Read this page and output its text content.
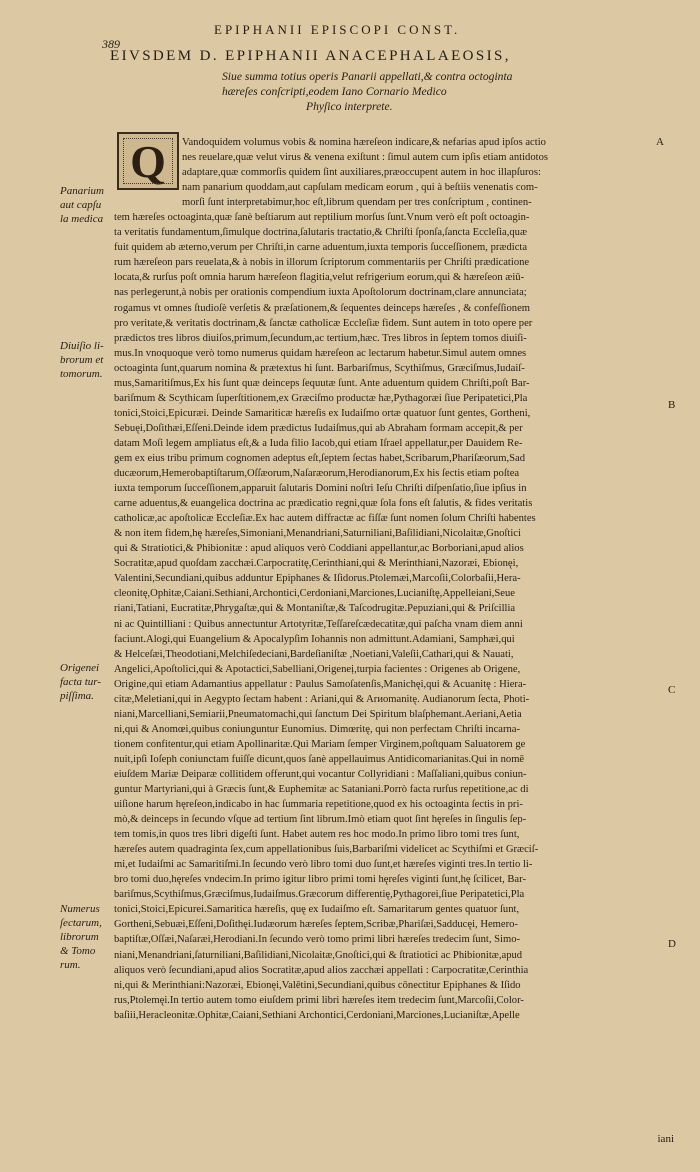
389
EPIPHANII EPISCOPI CONST.
EIVSDEM D. EPIPHANII ANACEPHALAEOSIS,
Siue summa totius operis Panarii appellati,& contra octoginta
hæreſes conſcripti,eodem Iano Cornario Medico
Phyſico interprete.
Vandoquidem volumus vobis & nomina hæreſeon indicare,& nefarias apud ipſos actio
nes reuelare,quæ velut virus & venena exiſtunt : ſimul autem cum ipſis etiam antidotos
adaptare,quæ commorſis quidem ſint auxiliares,præoccupent autem in hoc illapſuros:
nam panarium quoddam,aut capſulam medicam eorum , qui à beſtiis venenatis com-
morſi ſunt interpretabimur,hoc eſt,librum quendam per tres conſcriptum , continen-
tem hæreſes octoaginta,quæ ſanè beſtiarum aut reptilium morſus ſunt.Vnum verò eſt poſt octoagin-
ta veritatis fundamentum,ſimulque doctrina,ſalutaris tractatio,& Chriſti ſponſa,ſancta Eccleſia,quæ
fuit quidem ab æterno,verum per Chriſti,in carne aduentum,iuxta temporis ſucceſſionem, prædicta
rum hæreſeon pars reuelata,& à nobis in illorum ſcriptorum commentariis per Chriſti prædicatione
locata,& rurſus poſt omnia harum hæreſeon flagitia,velut refrigerium eorum,qui & hæreſeon æiū-
nas perlegerunt,à nobis per orationis compendium iuxta Apoſtolorum doctrinam,clare annunciata;
rogamus vt omnes ſtudioſè verſetis & præſationem,& ſequentes deinceps hæreſes , & confeſſionem
pro veritate,& veritatis doctrinam,& ſanctæ catholicæ Eccleſiæ fidem. Sunt autem in toto opere per
prædictos tres libros diuiſos,primum,ſecundum,ac tertium,hæc. Tres libros in ſeptem tomos diuiſi-
mus.In vnoquoque verò tomo numerus quidam hæreſeon ac lectarum habetur.Simul autem omnes
octoaginta ſunt,quarum nomina & prætextus hi ſunt. Barbariſmus, Scythiſmus, Græciſmus,Iudaiſ-
mus,Samaritiſmus,Ex his ſunt quæ deinceps ſequutæ ſunt. Ante aduentum quidem Chriſti,poſt Bar-
bariſmum & Scythicam ſuperſtitionem,ex Græciſmo productæ hæ,Pythagoræi ſiue Peripatetici,Pla
tonici,Stoici,Epicuræi. Deinde Samariticæ hæreſis ex Iudaiſmo ortæ quatuor ſunt gentes, Gortheni,
Sebuęi,Doſithæi,Eſſeni.Deinde idem prædictus Iudaiſmus,qui ab Abraham formam accepit,& per
datam Moſi legem ampliatus eſt,& a Iuda filio Iacob,qui etiam Iſrael appellatur,per Dauidem Re-
gem ex eius tribu primum cognomen adeptus eſt,ſeptem ſectas habet,Scribarum,Phariſæorum,Sad
ducæorum,Hemerobaptiſtarum,Oſſæorum,Naſaræorum,Herodianorum,Ex his ſectis etiam poſtea
iuxta temporum ſucceſſionem,apparuit ſalutaris Domini noſtri Ieſu Chriſti diſpenſatio,ſiue ipſius in
carne aduentus,& euangelica doctrina ac prædicatio regni,quæ ſola fons eſt ſalutis, & fides veritatis
catholicæ,ac apoſtolicæ Eccleſiæ.Ex hac autem diffractæ ac fiſſæ ſunt nomen ſolum Chriſti habentes
& non item fidem,hę hæreſes,Simoniani,Menandriani,Saturniliani,Baſilidiani,Nicolaitæ,Gnoſtici
qui & Stratiotici,& Phibionitæ : apud aliquos verò Coddiani appellantur,ac Borboriani,apud alios
Socratitæ,apud quoſdam zacchæi.Carpocratitę,Cerinthiani,qui & Merinthiani,Nazoræi, Ebionęi,
Valentini,Secundiani,quibus adduntur Epiphanes & Iſidorus.Ptolemæi,Marcoſii,Colorbaſii,Hera-
cleonitę,Ophitæ,Caiani.Sethiani,Archontici,Cerdoniani,Marciones,Lucianiſtę,Appelleiani,Seue
riani,Tatiani, Eucratitæ,Phrygaſtæ,qui & Montaniſtæ,& Taſcodrugitæ.Pepuziani,qui & Priſcillia
ni ac Quintilliani : Quibus annectuntur Artotyritæ,Teſſareſcædecatitæ,qui paſcha vnam diem anni
faciunt.Alogi,qui Euangelium & Apocalypſim Iohannis non admittunt.Adamiani, Samphæi,qui
& Helceſæi,Theodotiani,Melchiſedeciani,Bardeſianiſtæ ,Noetiani,Valeſii,Cathari,qui & Nauati,
Angelici,Apoſtolici,qui & Apotactici,Sabelliani,Origeneị,turpia facientes : Origenes ab Origene,
Origine,qui etiam Adamantius appellatur : Paulus Samoſatenſis,Manichęi,qui & Acuanitę : Hiera-
citæ,Meletiani,qui in Aegypto ſectam habent : Ariani,qui & Arиomanitę. Audianorum ſecta, Photi-
niani,Marcelliani,Semiarii,Pneumatomachi,qui ſanctum Dei Spiritum blaſphemant.Aeriani,Aetia
ni,qui & Anomœi,quibus coniunguntur Eunomius. Dimœritę, qui non perfectam Chriſti incarna-
tionem confitentur,qui etiam Apollinaritæ.Qui Mariam ſemper Virginem,poſtquam Saluatorem ge
nuit,ipſi Ioſeph coniunctam fuiſſe dicunt,quos ſanè appellauimus Antidicomarianitas.Qui in nomē
eiuſdem Mariæ Deiparæ collitidem offerunt,qui vocantur Collyridiani : Maſſaliani,quibus coniun-
guntur Martyriani,qui à Græcis ſunt,& Euphemitæ ac Sataniani.Porrò facta rurſus repetitione,ac di
uiſione harum hęreſeon,indicabo in hac ſummaria repetitione,quod ex his octoaginta ſectis in pri-
mò,& deinceps in ſecundo vſque ad tertium ſint librum.Imò etiam quot ſint hęreſes in ſingulis ſep-
tem tomis,in quos tres libri digeſti ſunt. Habet autem res hoc modo.In primo libro tomi tres ſunt,
hæreſes autem quadraginta ſex,cum appellationibus ſuis,Barbariſmi videlicet ac Scythiſmi et Græciſ-
mi,et Iudaiſmi ac Samaritiſmi.In ſecundo verò libro tomi duo ſunt,et hæreſes viginti tres.In tertio li-
bro tomi duo,hęreſes vndecim.In primo igitur libro primi tomi hęreſes viginti ſunt,hę ſcilicet, Bar-
bariſmus,Scythiſmus,Græciſmus,Iudaiſmus.Græcorum differentię,Pythagorei,ſiue Peripatetici,Pla
tonici,Stoici,Epicurei.Samaritica hæreſis, quę ex Iudaiſmo eſt. Samaritarum gentes quatuor ſunt,
Gortheni,Sebuæi,Eſſeni,Doſithęi.Iudæorum hæreſes ſeptem,Scribæ,Phariſæi,Sadducęi, Hemero-
baptiſtæ,Oſſæi,Naſaræi,Herodiani.In ſecundo verò tomo primi libri hæreſes tredecim ſunt, Simo-
niani,Menandriani,ſaturniliani,Baſilidiani,Nicolaitæ,Gnoſtici,qui & ſtratiotici ac Phibionitæ,apud
aliquos verò ſecundiani,apud alios Socratitæ,apud alios zacchæi appellati : Carpocratitæ,Cerinthia
ni,qui & Merinthiani:Nazoræi, Ebionęi,Valētini,Secundiani,quibus cōnectitur Epiphanes & Iſido
rus,Ptolemęi.In tertio autem tomo eiuſdem primi libri hæreſes item tredecim ſunt,Marcoſii,Color-
baſiii,Heracleonitæ.Ophitæ,Caiani,Sethiani Archontici,Cerdoniani,Marciones,Lucianiſtæ,Apelle
Q
Panarium
aut capſu
la medica
Diuiſio li-
brorum et
tomorum.
Origenei
facta tur-
piſſima.
Numerus
ſectarum,
librorum
& Tomo
rum.
A
B
C
D
iani
